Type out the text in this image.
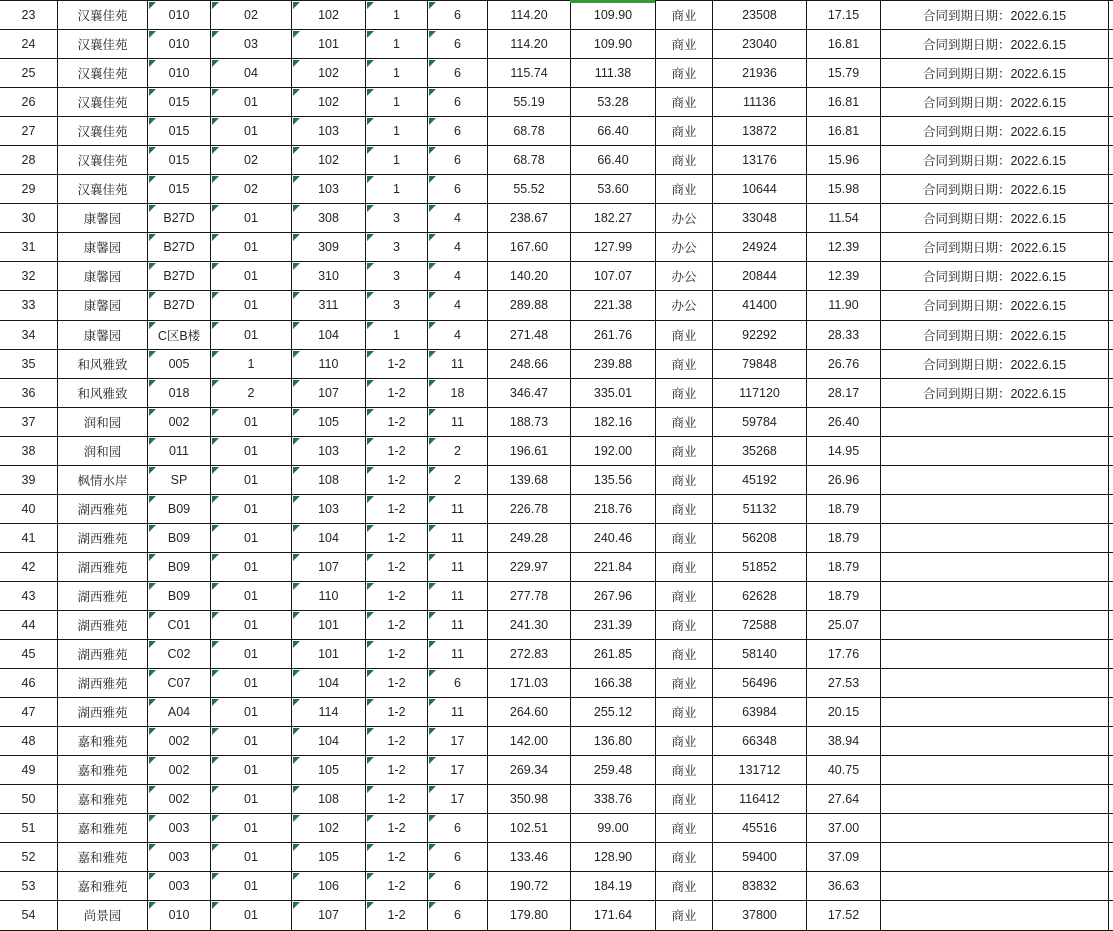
23	汉襄佳苑	010	02	102	1	6	114.20	109.90	商业	23508	17.15	合同到期日期：2022.6.15	
24	汉襄佳苑	010	03	101	1	6	114.20	109.90	商业	23040	16.81	合同到期日期：2022.6.15	
25	汉襄佳苑	010	04	102	1	6	115.74	111.38	商业	21936	15.79	合同到期日期：2022.6.15	
26	汉襄佳苑	015	01	102	1	6	55.19	53.28	商业	11136	16.81	合同到期日期：2022.6.15	
27	汉襄佳苑	015	01	103	1	6	68.78	66.40	商业	13872	16.81	合同到期日期：2022.6.15	
28	汉襄佳苑	015	02	102	1	6	68.78	66.40	商业	13176	15.96	合同到期日期：2022.6.15	
29	汉襄佳苑	015	02	103	1	6	55.52	53.60	商业	10644	15.98	合同到期日期：2022.6.15	
30	康馨园	B27D	01	308	3	4	238.67	182.27	办公	33048	11.54	合同到期日期：2022.6.15	
31	康馨园	B27D	01	309	3	4	167.60	127.99	办公	24924	12.39	合同到期日期：2022.6.15	
32	康馨园	B27D	01	310	3	4	140.20	107.07	办公	20844	12.39	合同到期日期：2022.6.15	
33	康馨园	B27D	01	311	3	4	289.88	221.38	办公	41400	11.90	合同到期日期：2022.6.15	
34	康馨园	C区B楼	01	104	1	4	271.48	261.76	商业	92292	28.33	合同到期日期：2022.6.15	
35	和风雅致	005	1	110	1-2	11	248.66	239.88	商业	79848	26.76	合同到期日期：2022.6.15	
36	和风雅致	018	2	107	1-2	18	346.47	335.01	商业	117120	28.17	合同到期日期：2022.6.15	
37	润和园	002	01	105	1-2	11	188.73	182.16	商业	59784	26.40		
38	润和园	011	01	103	1-2	2	196.61	192.00	商业	35268	14.95		
39	枫情水岸	SP	01	108	1-2	2	139.68	135.56	商业	45192	26.96		
40	湖西雅苑	B09	01	103	1-2	11	226.78	218.76	商业	51132	18.79		
41	湖西雅苑	B09	01	104	1-2	11	249.28	240.46	商业	56208	18.79		
42	湖西雅苑	B09	01	107	1-2	11	229.97	221.84	商业	51852	18.79		
43	湖西雅苑	B09	01	110	1-2	11	277.78	267.96	商业	62628	18.79		
44	湖西雅苑	C01	01	101	1-2	11	241.30	231.39	商业	72588	25.07		
45	湖西雅苑	C02	01	101	1-2	11	272.83	261.85	商业	58140	17.76		
46	湖西雅苑	C07	01	104	1-2	6	171.03	166.38	商业	56496	27.53		
47	湖西雅苑	A04	01	114	1-2	11	264.60	255.12	商业	63984	20.15		
48	嘉和雅苑	002	01	104	1-2	17	142.00	136.80	商业	66348	38.94		
49	嘉和雅苑	002	01	105	1-2	17	269.34	259.48	商业	131712	40.75		
50	嘉和雅苑	002	01	108	1-2	17	350.98	338.76	商业	116412	27.64		
51	嘉和雅苑	003	01	102	1-2	6	102.51	99.00	商业	45516	37.00		
52	嘉和雅苑	003	01	105	1-2	6	133.46	128.90	商业	59400	37.09		
53	嘉和雅苑	003	01	106	1-2	6	190.72	184.19	商业	83832	36.63		
54	尚景园	010	01	107	1-2	6	179.80	171.64	商业	37800	17.52		
